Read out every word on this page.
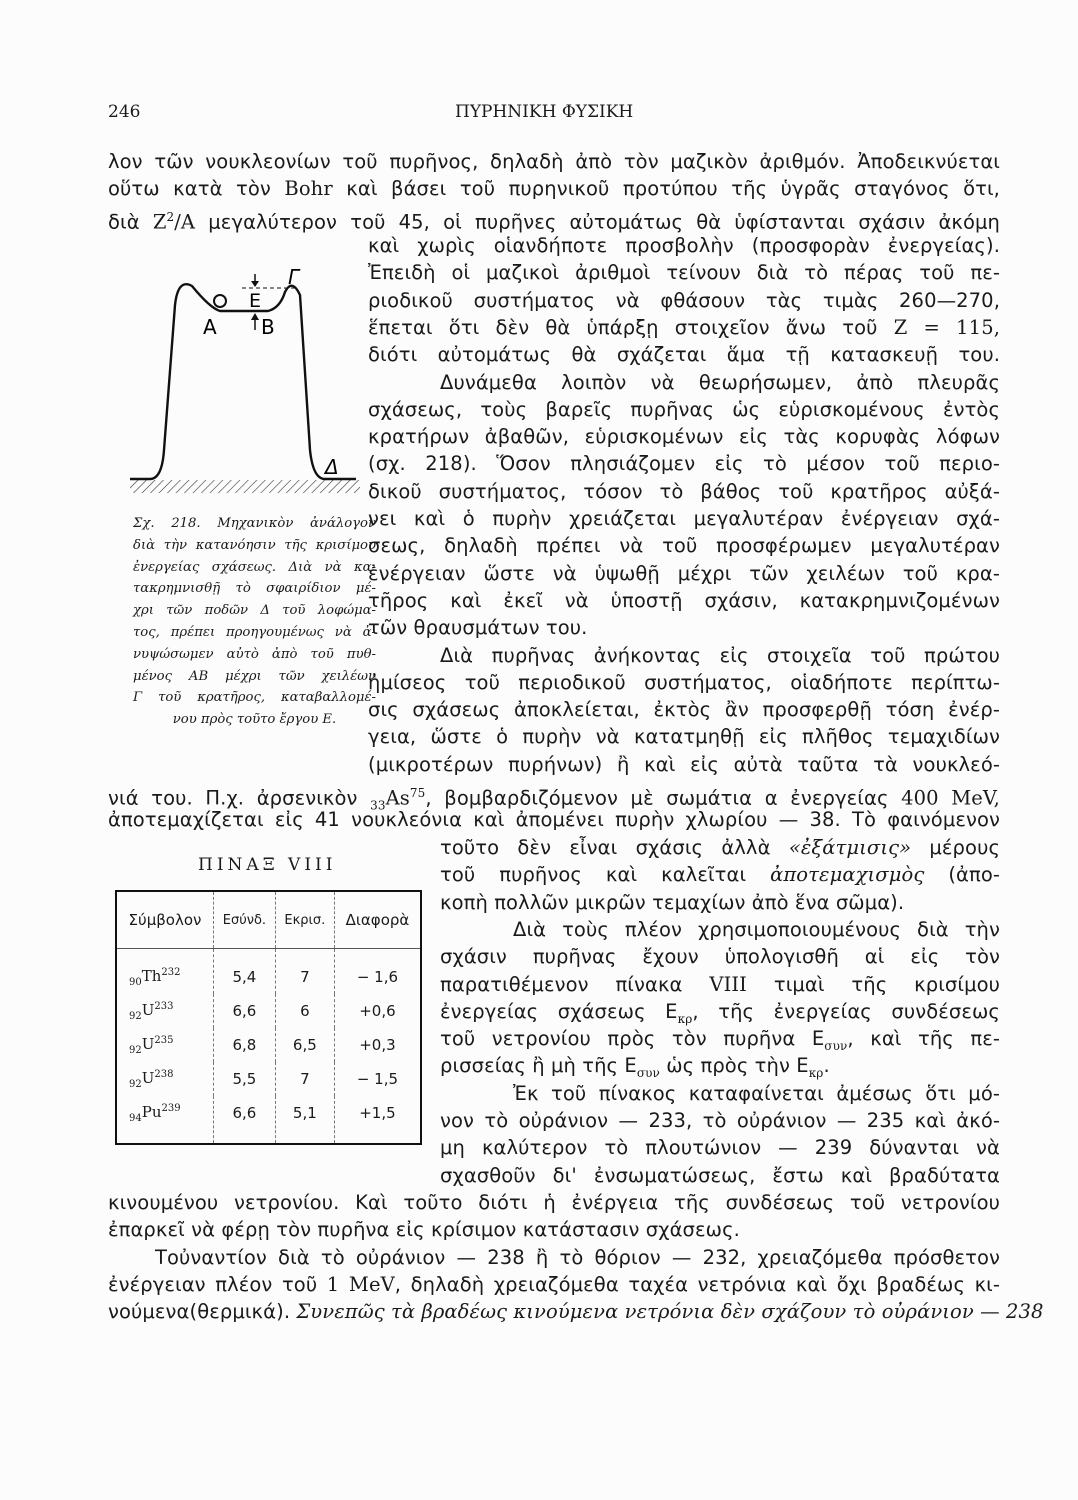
246	ΠΥΡΗΝΙΚΗ ΦΥΣΙΚΗ
A B
E
Γ
Δ
Σχ. 218. Μηχανικὸν ἀνάλογον
διὰ τὴν κατανόησιν τῆς κρισίμου
ἐνεργείας σχάσεως. Διὰ νὰ κα-
τακρημνισθῇ τὸ σφαιρίδιον μέ-
χρι τῶν ποδῶν Δ τοῦ λοφώμα-
τος, πρέπει προηγουμένως νὰ ἀ-
νυψώσωμεν αὐτὸ ἀπὸ τοῦ πυθ-
μένος AB μέχρι τῶν χειλέων
Γ τοῦ κρατῆρος, καταβαλλομέ-
νου πρὸς τοῦτο ἔργου E.
ΠΙΝΑΞ VIII
Σύμβολον	Eσύνδ.	Eκρισ.	Διαφορὰ
$_{90}Th^{232}$	5,4	7	− 1,6
$_{92}U^{233}$	6,6	6	+0,6
$_{92}U^{235}$	6,8	6,5	+0,3
$_{92}U^{238}$	5,5	7	− 1,5
$_{94}Pu^{239}$	6,6	5,1	+1,5
λον τῶν νουκλεονίων τοῦ πυρῆνος, δηλαδὴ ἀπὸ τὸν μαζικὸν ἀριθμόν. Ἀποδεικνύεται
οὕτω κατὰ τὸν Bohr καὶ βάσει τοῦ πυρηνικοῦ προτύπου τῆς ὑγρᾶς σταγόνος ὅτι,
διὰ $Z^2/A$ μεγαλύτερον τοῦ 45, οἱ πυρῆνες αὐτομάτως θὰ ὑφίστανται σχάσιν ἀκόμη
καὶ χωρὶς οἱανδήποτε προσβολὴν (προσφορὰν ἐνεργείας).
Ἐπειδὴ οἱ μαζικοὶ ἀριθμοὶ τείνουν διὰ τὸ πέρας τοῦ πε-
ριοδικοῦ συστήματος νὰ φθάσουν τὰς τιμὰς 260—270,
ἕπεται ὅτι δὲν θὰ ὑπάρξῃ στοιχεῖον ἄνω τοῦ Z = 115,
διότι αὐτομάτως θὰ σχάζεται ἅμα τῇ κατασκευῇ του.
Δυνάμεθα λοιπὸν νὰ θεωρήσωμεν, ἀπὸ πλευρᾶς
σχάσεως, τοὺς βαρεῖς πυρῆνας ὡς εὑρισκομένους ἐντὸς
κρατήρων ἀβαθῶν, εὑρισκομένων εἰς τὰς κορυφὰς λόφων
(σχ. 218). Ὅσον πλησιάζομεν εἰς τὸ μέσον τοῦ περιο-
δικοῦ συστήματος, τόσον τὸ βάθος τοῦ κρατῆρος αὐξά-
νει καὶ ὁ πυρὴν χρειάζεται μεγαλυτέραν ἐνέργειαν σχά-
σεως, δηλαδὴ πρέπει νὰ τοῦ προσφέρωμεν μεγαλυτέραν
ἐνέργειαν ὥστε νὰ ὑψωθῇ μέχρι τῶν χειλέων τοῦ κρα-
τῆρος καὶ ἐκεῖ νὰ ὑποστῇ σχάσιν, κατακρημνιζομένων
τῶν θραυσμάτων του.
Διὰ πυρῆνας ἀνήκοντας εἰς στοιχεῖα τοῦ πρώτου
ἡμίσεος τοῦ περιοδικοῦ συστήματος, οἱαδήποτε περίπτω-
σις σχάσεως ἀποκλείεται, ἐκτὸς ἂν προσφερθῇ τόση ἐνέρ-
γεια, ὥστε ὁ πυρὴν νὰ κατατμηθῇ εἰς πλῆθος τεμαχιδίων
(μικροτέρων πυρήνων) ἢ καὶ εἰς αὐτὰ ταῦτα τὰ νουκλεό-
νιά του. Π.χ. ἀρσενικὸν $_{33}As^{75}$, βομβαρδιζόμενον μὲ σωμάτια α ἐνεργείας 400 MeV,
ἀποτεμαχίζεται εἰς 41 νουκλεόνια καὶ ἀπομένει πυρὴν χλωρίου — 38. Τὸ φαινόμενον
τοῦτο δὲν εἶναι σχάσις ἀλλὰ «ἐξάτμισις» μέρους
τοῦ πυρῆνος καὶ καλεῖται ἀποτεμαχισμὸς (ἀπο-
κοπὴ πολλῶν μικρῶν τεμαχίων ἀπὸ ἕνα σῶμα).
Διὰ τοὺς πλέον χρησιμοποιουμένους διὰ τὴν
σχάσιν πυρῆνας ἔχουν ὑπολογισθῆ αἱ εἰς τὸν
παρατιθέμενον πίνακα VIII τιμαὶ τῆς κρισίμου
ἐνεργείας σχάσεως $E_{\kappa\rho}$, τῆς ἐνεργείας συνδέσεως
τοῦ νετρονίου πρὸς τὸν πυρῆνα $E_{\sigma\upsilon\nu}$, καὶ τῆς πε-
ρισσείας ἢ μὴ τῆς $E_{\sigma\upsilon\nu}$ ὡς πρὸς τὴν $E_{\kappa\rho}$.
Ἐκ τοῦ πίνακος καταφαίνεται ἀμέσως ὅτι μό-
νον τὸ οὐράνιον — 233, τὸ οὐράνιον — 235 καὶ ἀκό-
μη καλύτερον τὸ πλουτώνιον — 239 δύνανται νὰ
σχασθοῦν δι' ἐνσωματώσεως, ἔστω καὶ βραδύτατα
κινουμένου νετρονίου. Καὶ τοῦτο διότι ἡ ἐνέργεια τῆς συνδέσεως τοῦ νετρονίου
ἐπαρκεῖ νὰ φέρῃ τὸν πυρῆνα εἰς κρίσιμον κατάστασιν σχάσεως.
Τοὐναντίον διὰ τὸ οὐράνιον — 238 ἢ τὸ θόριον — 232, χρειαζόμεθα πρόσθετον
ἐνέργειαν πλέον τοῦ 1 MeV, δηλαδὴ χρειαζόμεθα ταχέα νετρόνια καὶ ὄχι βραδέως κι-
νούμενα(θερμικά). Συνεπῶς τὰ βραδέως κινούμενα νετρόνια δὲν σχάζουν τὸ οὐράνιον — 238
